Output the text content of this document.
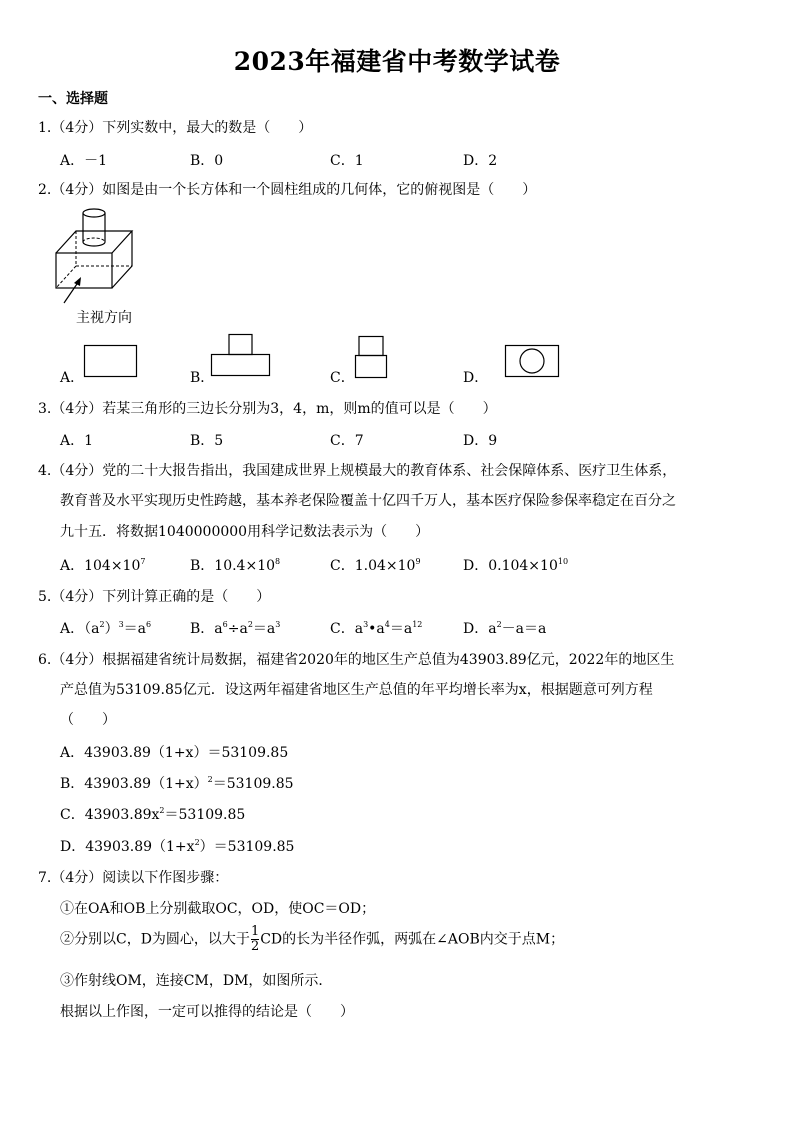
2023年福建省中考数学试卷
一、选择题
1.（4分）下列实数中，最大的数是（　　）
A．－1	B．0	C．1	D．2
2.（4分）如图是由一个长方体和一个圆柱组成的几何体，它的俯视图是（　　）
主视方向
A．	B．	C．	D．
3.（4分）若某三角形的三边长分别为3，4，m，则m的值可以是（　　）
A．1	B．5	C．7	D．9
4.（4分）党的二十大报告指出，我国建成世界上规模最大的教育体系、社会保障体系、医疗卫生体系，
教育普及水平实现历史性跨越，基本养老保险覆盖十亿四千万人，基本医疗保险参保率稳定在百分之
九十五．将数据1040000000用科学记数法表示为（　　）
A．$104\times 10^7$	B．$10.4\times 10^8$	C．$1.04\times 10^9$	D．$0.104\times 10^{10}$
5.（4分）下列计算正确的是（　　）
A．$(a^2)^3=a^6$	B．$a^6\div a^2=a^3$	C．$a^3•a^4=a^{12}$	D．$a^2-a=a$
6.（4分）根据福建省统计局数据，福建省2020年的地区生产总值为43903.89亿元，2022年的地区生
产总值为53109.85亿元．设这两年福建省地区生产总值的年平均增长率为x，根据题意可列方程
（　　）
A．43903.89（1+x）＝53109.85
B．$43903.89(1+x)^2=53109.85$
C．$43903.89x^2=53109.85$
D．$43903.89(1+x^2)=53109.85$
7.（4分）阅读以下作图步骤：
①在OA和OB上分别截取OC，OD，使OC＝OD；
②分别以C，D为圆心，以大于 $\frac{1}{2}$ CD的长为半径作弧，两弧在∠AOB内交于点M；
③作射线OM，连接CM，DM，如图所示．
根据以上作图，一定可以推得的结论是（　　）
